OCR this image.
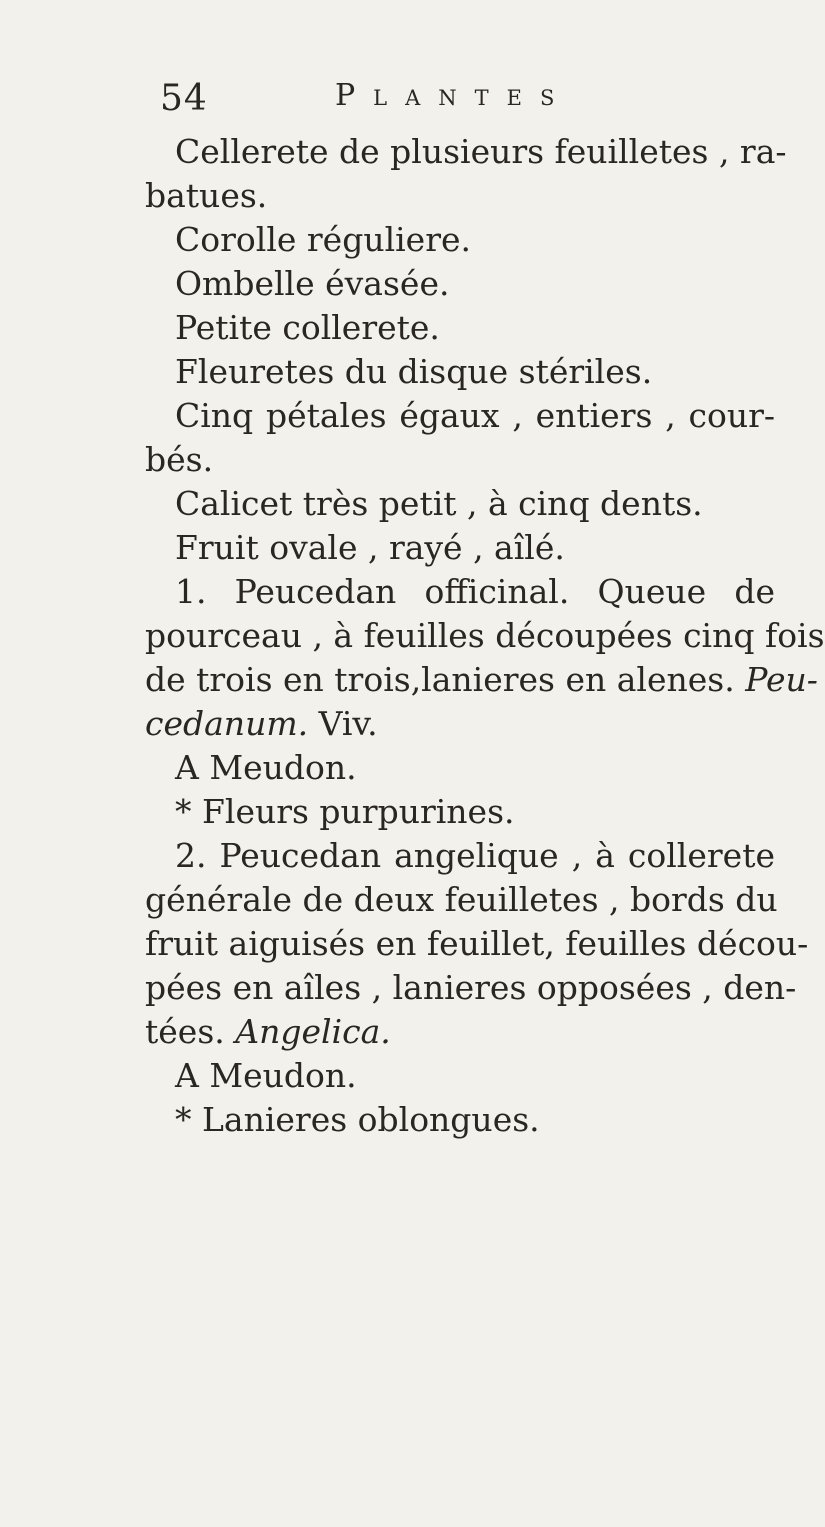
54	Plantes
Cellerete de plusieurs feuilletes , ra-
batues.
Corolle réguliere.
Ombelle évasée.
Petite collerete.
Fleuretes du disque stériles.
Cinq pétales égaux , entiers , cour-
bés.
Calicet très petit , à cinq dents.
Fruit ovale , rayé , aîlé.
1. Peucedan officinal. Queue de
pourceau , à feuilles découpées cinq fois
de trois en trois,lanieres en alenes. Peu-
cedanum. Viv.
A Meudon.
* Fleurs purpurines.
2. Peucedan angelique , à collerete
générale de deux feuilletes , bords du
fruit aiguisés en feuillet, feuilles décou-
pées en aîles , lanieres opposées , den-
tées. Angelica.
A Meudon.
* Lanieres oblongues.
